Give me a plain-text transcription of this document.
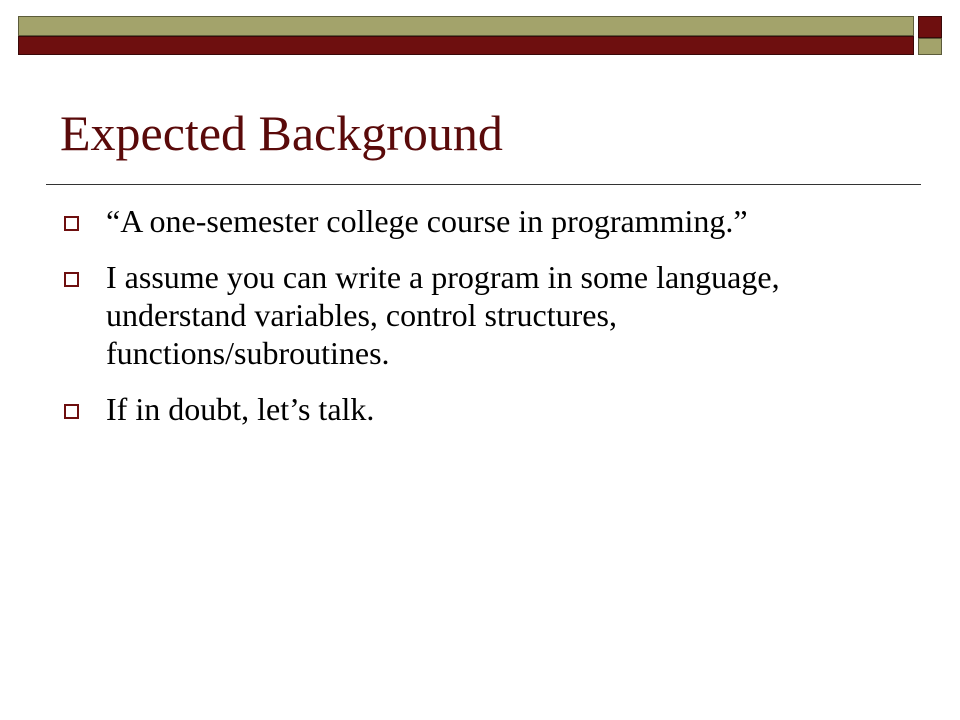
Expected Background
“A one-semester college course in programming.”
I assume you can write a program in some language, understand variables, control structures, functions/subroutines.
If in doubt, let’s talk.
